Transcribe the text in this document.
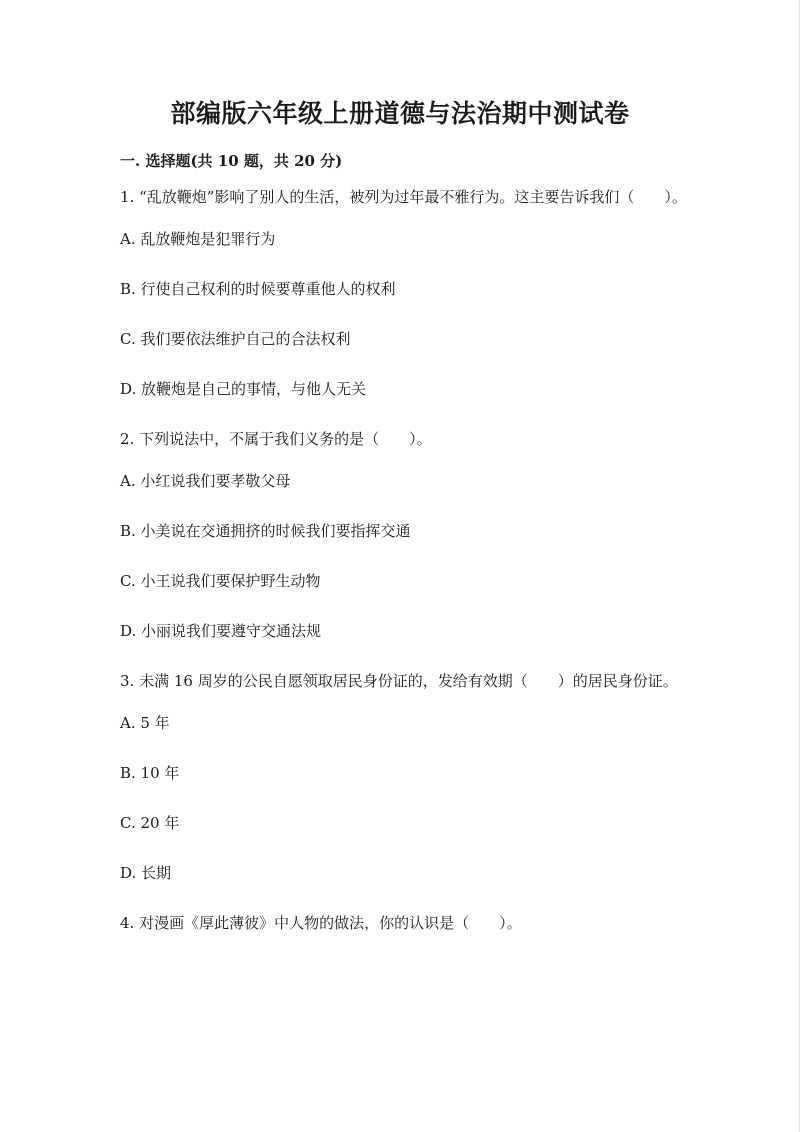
部编版六年级上册道德与法治期中测试卷
一. 选择题(共 10 题，共 20 分)

1. “乱放鞭炮”影响了别人的生活，被列为过年最不雅行为。这主要告诉我们（　　）。

A. 乱放鞭炮是犯罪行为

B. 行使自己权利的时候要尊重他人的权利

C. 我们要依法维护自己的合法权利

D. 放鞭炮是自己的事情，与他人无关

2. 下列说法中，不属于我们义务的是（　　）。

A. 小红说我们要孝敬父母

B. 小美说在交通拥挤的时候我们要指挥交通

C. 小王说我们要保护野生动物

D. 小丽说我们要遵守交通法规

3. 未满 16 周岁的公民自愿领取居民身份证的，发给有效期（　　）的居民身份证。

A. 5 年

B. 10 年

C. 20 年

D. 长期

4. 对漫画《厚此薄彼》中人物的做法，你的认识是（　　）。
